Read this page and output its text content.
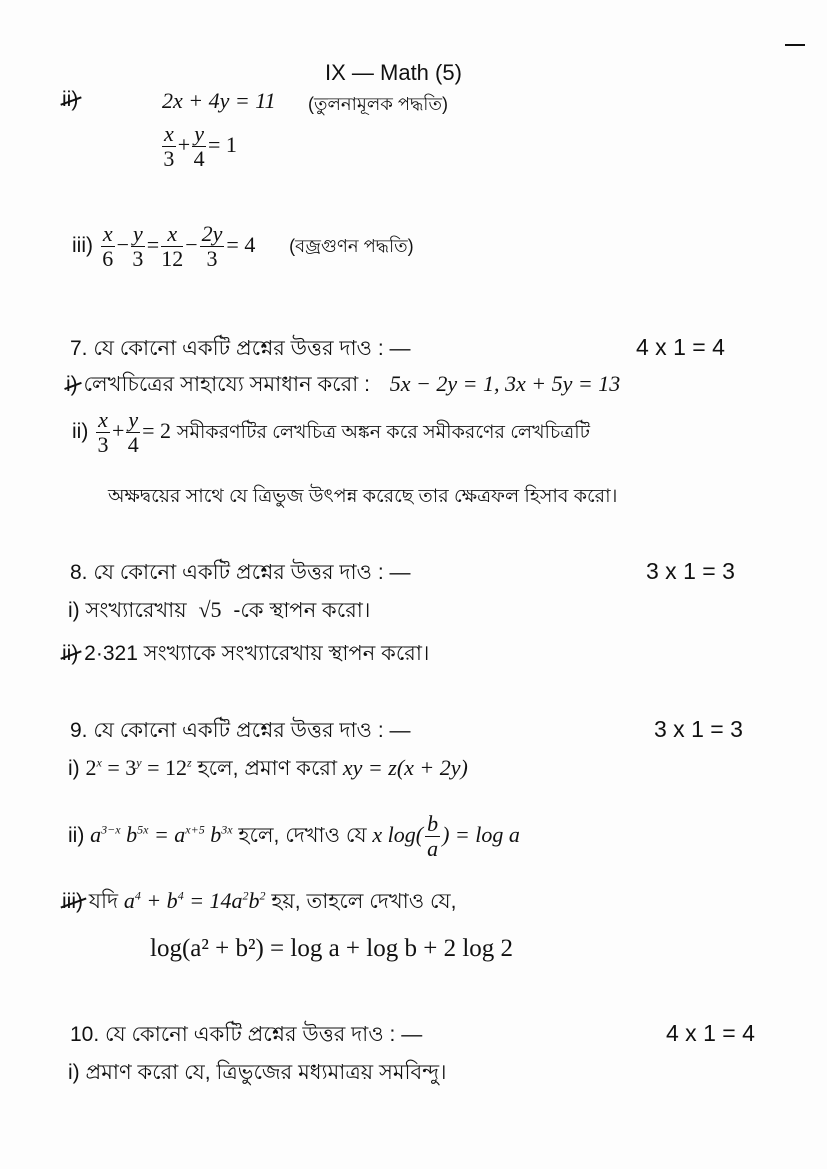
IX — Math (5)
ii)	2x + 4y = 11 (তুলনামূলক পদ্ধতি)
$\frac{x}{3} + \frac{y}{4} = 1$
$iii) \frac{x}{6} - \frac{y}{3} = \frac{x}{12} - \frac{2y}{3} = 4$ (বজ্রগুণন পদ্ধতি)
7. যে কোনো একটি প্রশ্নের উত্তর দাও : —	4 x 1 = 4
i) লেখচিত্রের সাহায্যে সমাধান করো : 5x − 2y = 1, 3x + 5y = 13
$ii) \frac{x}{3} + \frac{y}{4} = 2$ সমীকরণটির লেখচিত্র অঙ্কন করে সমীকরণের লেখচিত্রটি
অক্ষদ্বয়ের সাথে যে ত্রিভুজ উৎপন্ন করেছে তার ক্ষেত্রফল হিসাব করো।
8. যে কোনো একটি প্রশ্নের উত্তর দাও : —	3 x 1 = 3
i) সংখ্যারেখায় √5 -কে স্থাপন করো।
ii) 2·321 সংখ্যাকে সংখ্যারেখায় স্থাপন করো।
9. যে কোনো একটি প্রশ্নের উত্তর দাও : —	3 x 1 = 3
i) $2^x = 3^y = 12^z$ হলে, প্রমাণ করো xy = z(x + 2y)
ii) $a^{3-x}$ $b^{5x} = a^{x+5}$ $b^{3x}$ হলে, দেখাও যে x $\log( \frac{b}{a}$ ) = log a
iii) যদি $a^4 + b^4 = 14a^2b^2$ হয়, তাহলে দেখাও যে,
log(a² + b²) = log a + log b + 2 log 2
10. যে কোনো একটি প্রশ্নের উত্তর দাও : —	4 x 1 = 4
i) প্রমাণ করো যে, ত্রিভুজের মধ্যমাত্রয় সমবিন্দু।
